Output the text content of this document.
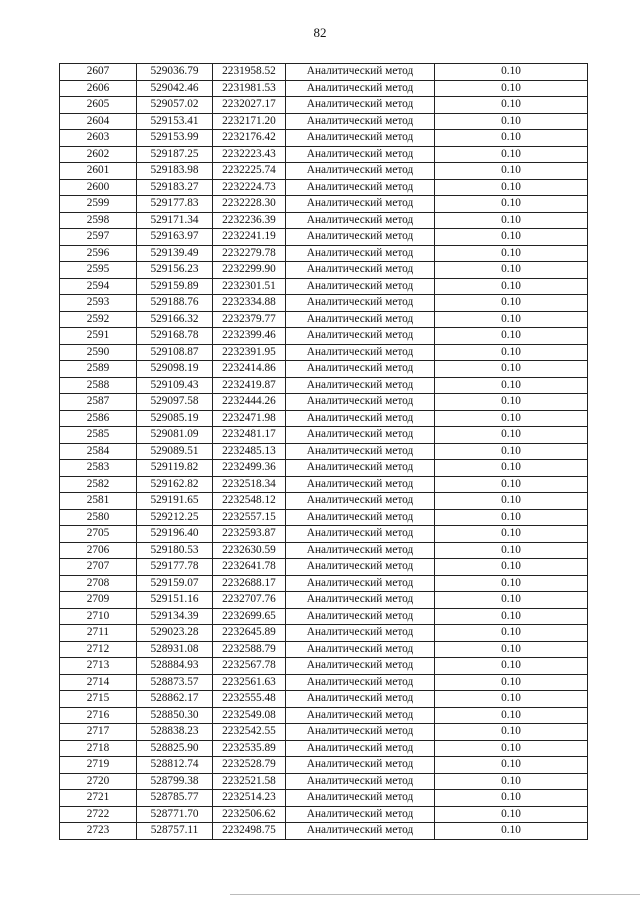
82
2607	529036.79	2231958.52	Аналитический метод	0.10
2606	529042.46	2231981.53	Аналитический метод	0.10
2605	529057.02	2232027.17	Аналитический метод	0.10
2604	529153.41	2232171.20	Аналитический метод	0.10
2603	529153.99	2232176.42	Аналитический метод	0.10
2602	529187.25	2232223.43	Аналитический метод	0.10
2601	529183.98	2232225.74	Аналитический метод	0.10
2600	529183.27	2232224.73	Аналитический метод	0.10
2599	529177.83	2232228.30	Аналитический метод	0.10
2598	529171.34	2232236.39	Аналитический метод	0.10
2597	529163.97	2232241.19	Аналитический метод	0.10
2596	529139.49	2232279.78	Аналитический метод	0.10
2595	529156.23	2232299.90	Аналитический метод	0.10
2594	529159.89	2232301.51	Аналитический метод	0.10
2593	529188.76	2232334.88	Аналитический метод	0.10
2592	529166.32	2232379.77	Аналитический метод	0.10
2591	529168.78	2232399.46	Аналитический метод	0.10
2590	529108.87	2232391.95	Аналитический метод	0.10
2589	529098.19	2232414.86	Аналитический метод	0.10
2588	529109.43	2232419.87	Аналитический метод	0.10
2587	529097.58	2232444.26	Аналитический метод	0.10
2586	529085.19	2232471.98	Аналитический метод	0.10
2585	529081.09	2232481.17	Аналитический метод	0.10
2584	529089.51	2232485.13	Аналитический метод	0.10
2583	529119.82	2232499.36	Аналитический метод	0.10
2582	529162.82	2232518.34	Аналитический метод	0.10
2581	529191.65	2232548.12	Аналитический метод	0.10
2580	529212.25	2232557.15	Аналитический метод	0.10
2705	529196.40	2232593.87	Аналитический метод	0.10
2706	529180.53	2232630.59	Аналитический метод	0.10
2707	529177.78	2232641.78	Аналитический метод	0.10
2708	529159.07	2232688.17	Аналитический метод	0.10
2709	529151.16	2232707.76	Аналитический метод	0.10
2710	529134.39	2232699.65	Аналитический метод	0.10
2711	529023.28	2232645.89	Аналитический метод	0.10
2712	528931.08	2232588.79	Аналитический метод	0.10
2713	528884.93	2232567.78	Аналитический метод	0.10
2714	528873.57	2232561.63	Аналитический метод	0.10
2715	528862.17	2232555.48	Аналитический метод	0.10
2716	528850.30	2232549.08	Аналитический метод	0.10
2717	528838.23	2232542.55	Аналитический метод	0.10
2718	528825.90	2232535.89	Аналитический метод	0.10
2719	528812.74	2232528.79	Аналитический метод	0.10
2720	528799.38	2232521.58	Аналитический метод	0.10
2721	528785.77	2232514.23	Аналитический метод	0.10
2722	528771.70	2232506.62	Аналитический метод	0.10
2723	528757.11	2232498.75	Аналитический метод	0.10
